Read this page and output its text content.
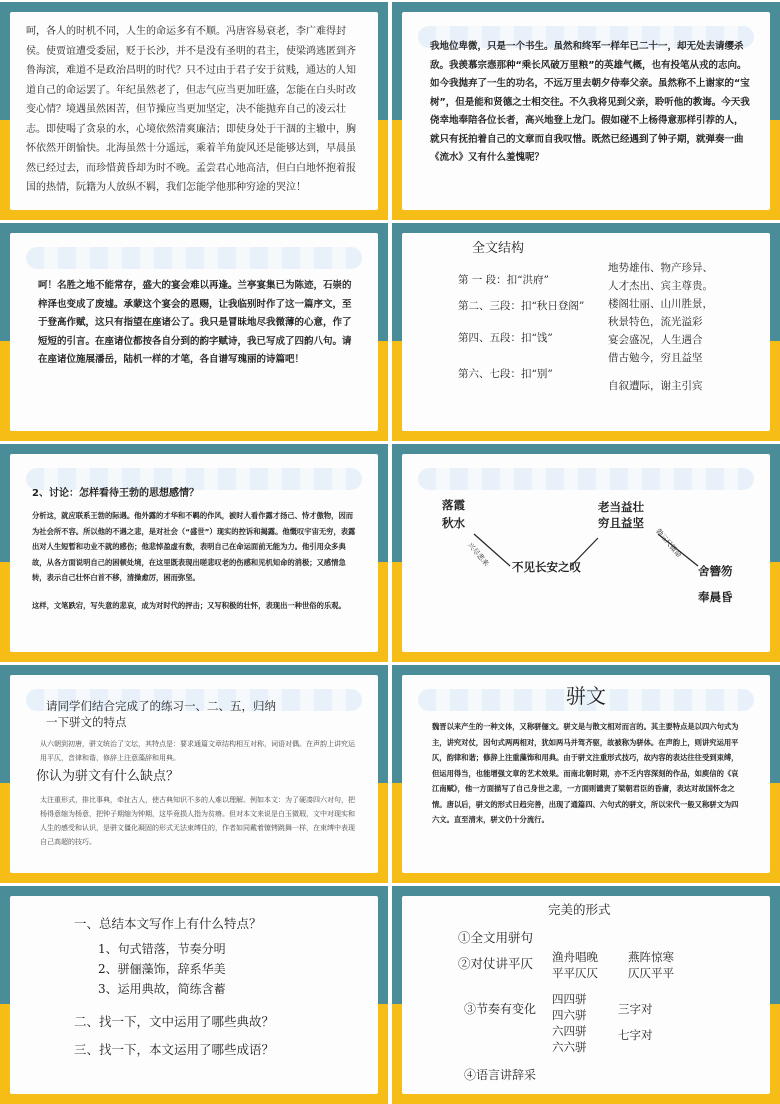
呵，各人的时机不同，人生的命运多有不顺。冯唐容易衰老，李广难得封侯。使贾谊遭受委屈，贬于长沙，并不是没有圣明的君主，使梁鸿逃匿到齐鲁海滨，难道不是政治昌明的时代？只不过由于君子安于贫贱，通达的人知道自己的命运罢了。年纪虽然老了，但志气应当更加旺盛，怎能在白头时改变心情？境遇虽然困苦，但节操应当更加坚定，决不能抛弃自己的凌云壮志。即使喝了贪泉的水，心境依然清爽廉洁；即使身处于干涸的主辙中，胸怀依然开朗愉快。北海虽然十分遥远，乘着羊角旋风还是能够达到，早晨虽然已经过去，而珍惜黄昏却为时不晚。孟尝君心地高洁，但白白地怀抱着报国的热情，阮籍为人放纵不羁，我们怎能学他那种穷途的哭泣！
我地位卑微，只是一个书生。虽然和终军一样年已二十一，却无处去请缨杀敌。我羡慕宗悫那种“乘长风破万里粮”的英雄气概，也有投笔从戎的志向。如今我抛弃了一生的功名，不远万里去朝夕侍奉父亲。虽然称不上谢家的“宝树”，但是能和贤德之士相交往。不久我将见到父亲，聆听他的教诲。今天我侥幸地奉陪各位长者，高兴地登上龙门。假如碰不上杨得意那样引荐的人，就只有抚拍着自己的文章而自我叹惜。既然已经遇到了钟子期，就弹奏一曲《流水》又有什么羞愧呢？
呵！名胜之地不能常存，盛大的宴会难以再逢。兰亭宴集已为陈迹，石崇的梓泽也变成了废墟。承蒙这个宴会的恩赐，让我临别时作了这一篇序文，至于登高作赋，这只有指望在座诸公了。我只是冒昧地尽我微薄的心意，作了短短的引言。在座诸位都按各自分到的韵字赋诗，我已写成了四韵八句。请在座诸位施展潘岳，陆机一样的才笔，各自谱写瑰丽的诗篇吧！
全文结构
第 一 段：扣“洪府”
地势雄伟、物产珍异、
人才杰出、宾主尊贵。
第二、三段：扣“秋日登阁” 楼阁壮丽、山川胜景，
秋景特色，流光溢彩
第四、五段：扣“饯”	宴会盛况，人生遇合
借古勉今，穷且益坚
第六、七段：扣“别”
自叙遭际，谢主引宾
2、讨论：怎样看待王勃的思想感情？
分析这，就应联系王勃的际遇。他外露的才华和不羁的作风，被时人看作露才扬己、恃才傲物，因而为社会所不容。所以他的不遇之悲，是对社会（“盛世”）现实的控诉和揭露。他慨叹宇宙无穷，表露出对人生短暂和功业不就的感伤；他悲悼盈虚有数，表明自己在命运面前无能为力。他引用众多典故，从各方面说明自己的困顿处境，在这里既表现出嗟悲叹老的伤感和见机知命的消极；又感情急转，表示自己壮怀白首不移，清操愈厉，困而弥坚。
这样，文笔跌宕，写失意的悲哀，成为对时代的抨击；又写积极的壮怀，表现出一种世俗的乐观。
落霞
秋水
兴尽悲来	不见长安之叹
老当益壮
穷且益坚
勃三尺微命
舍簪笏
奉晨昏
请同学们结合完成了的练习一、二、五，归纳
一下骈文的特点
从六朝到初唐，骈文统治了文坛，其特点是：要求通篇文章结构相互对称，词语对偶。在声韵上讲究运用平仄，音律和谐，修辞上注意藻辞和用典。
你认为骈文有什么缺点？
太注重形式，排比事典，牵扯古人，使古典知识不多的人难以理解。例如本文：为了硬凑四六对句，把杨得意缩为杨意，把钟子期缩为钟期，这毕竟损人指为贫瘠。但对本文来说是白玉微瑕，文中对现实和人生的感受和认识，是骈文僵化凝固的形式无法束缚住的，作者如同戴着镣铐跳舞一样，在束缚中表现自己高超的技巧。
骈文
魏晋以来产生的一种文体，又称骈俪文。骈文是与散文相对而言的。其主要特点是以四六句式为主，讲究对仗，因句式两两相对，犹如两马并驾齐驱，故被称为骈体。在声韵上，则讲究运用平仄，韵律和谐；修辞上注重藻饰和用典。由于骈文注重形式技巧，故内容的表达往往受到束缚，但运用得当，也能增强文章的艺术效果。而南北朝时期，亦不乏内容深刻的作品，如庾信的《哀江南赋》，他一方面描写了自己身世之悲，一方面则谴责了梁朝君臣的昏庸，表达对故国怀念之情。唐以后，骈文的形式日趋完善，出现了通篇四、六句式的骈文，所以宋代一般又称骈文为四六文。直至清末，骈文仍十分流行。
一、总结本文写作上有什么特点？
1、句式错落，节奏分明
2、骈俪藻饰，辞系华美
3、运用典故，简练含蓄
二、找一下，文中运用了哪些典故？
三、找一下，本文运用了哪些成语？
完美的形式
①全文用骈句
②对仗讲平仄 渔舟唱晚
平平仄仄
燕阵惊寒
仄仄平平
③节奏有变化
四四骈
四六骈
六四骈
六六骈
三字对
七字对
④语言讲辞采
